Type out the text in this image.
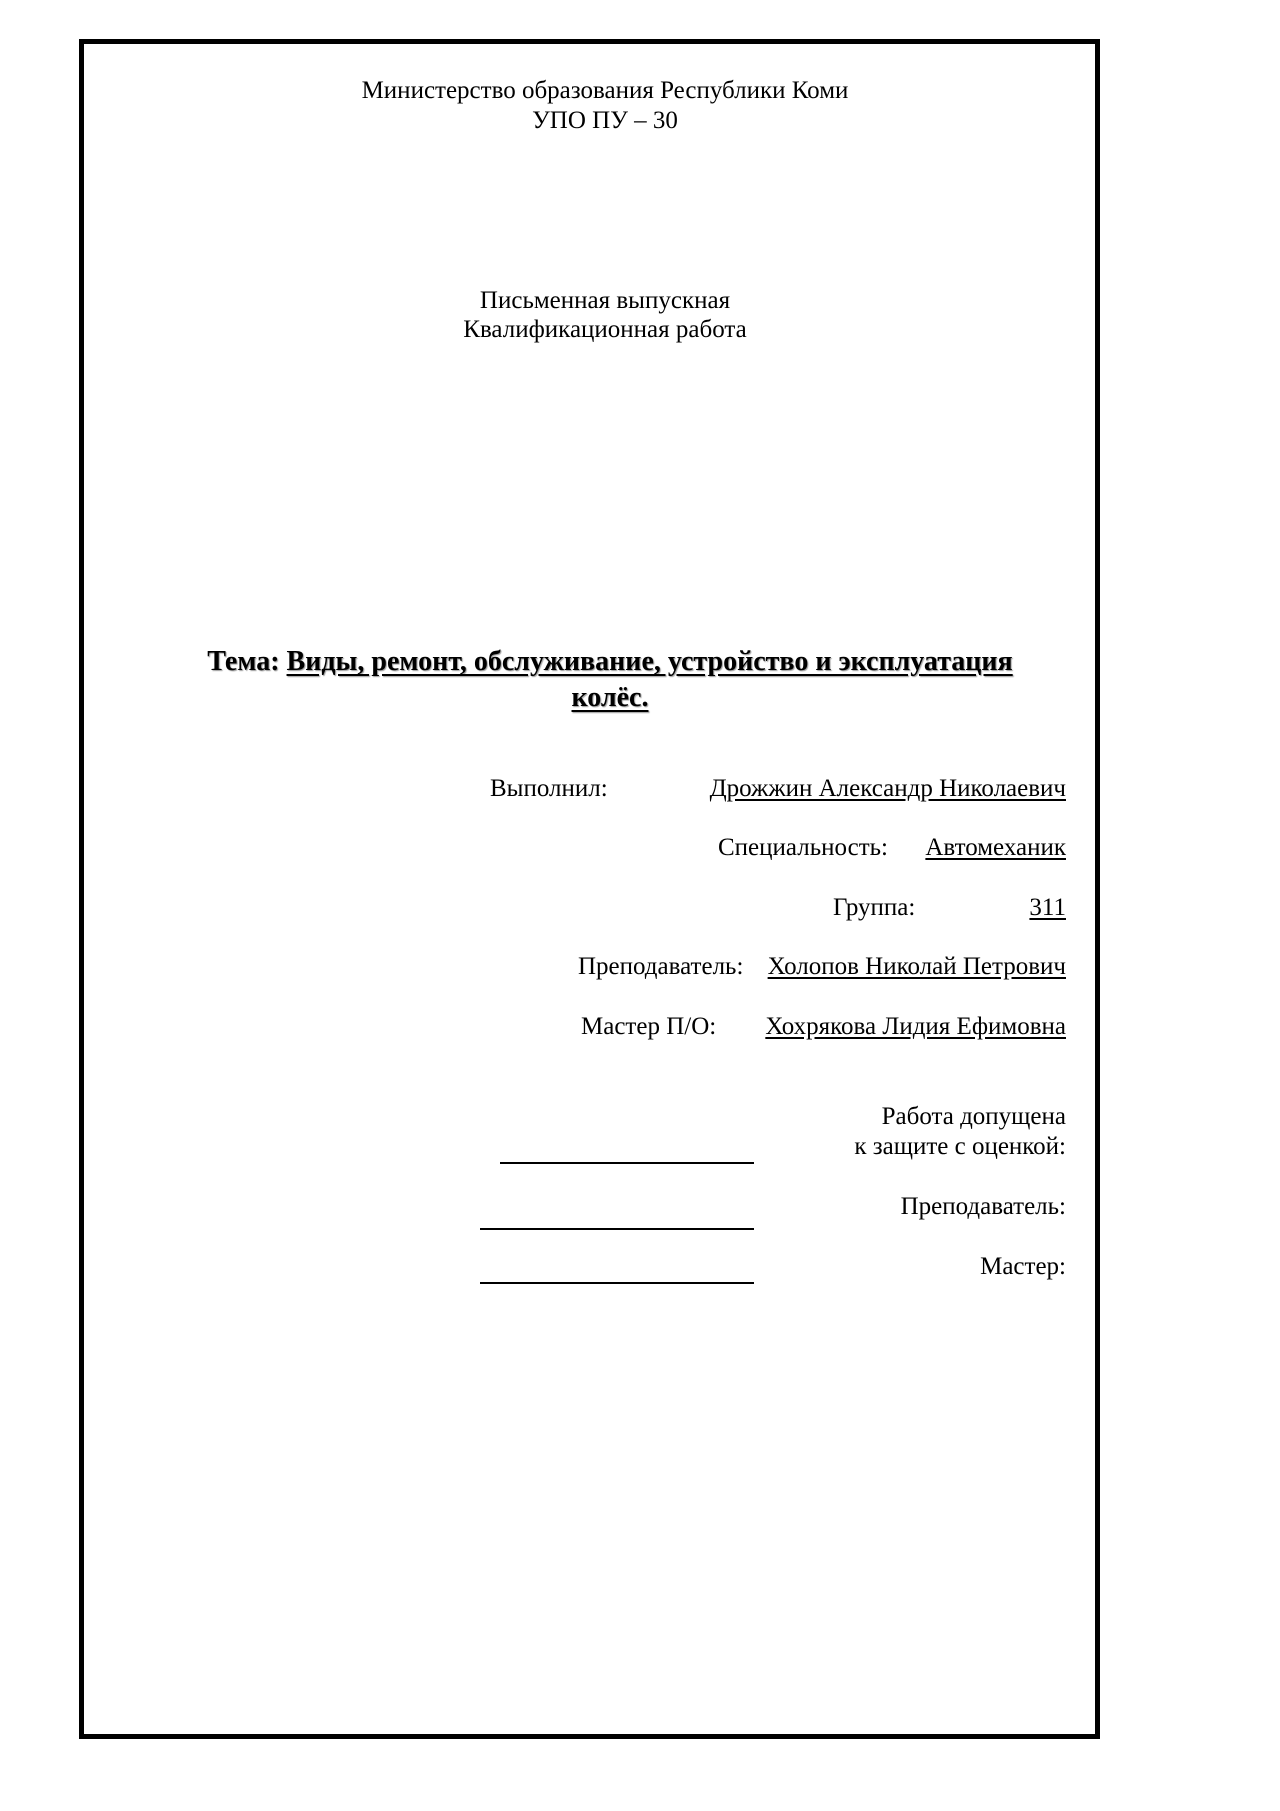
Министерство образования Республики Коми
УПО ПУ – 30
Письменная выпускная
Квалификационная работа
Тема: Виды, ремонт, обслуживание, устройство и эксплуатация
колёс.
Выполнил:	Дрожжин Александр Николаевич
Специальность: Автомеханик
Группа:	311
Преподаватель: Холопов Николай Петрович
Мастер П/О: Хохрякова Лидия Ефимовна
Работа допущена
к защите с оценкой:
Преподаватель:
Мастер:
